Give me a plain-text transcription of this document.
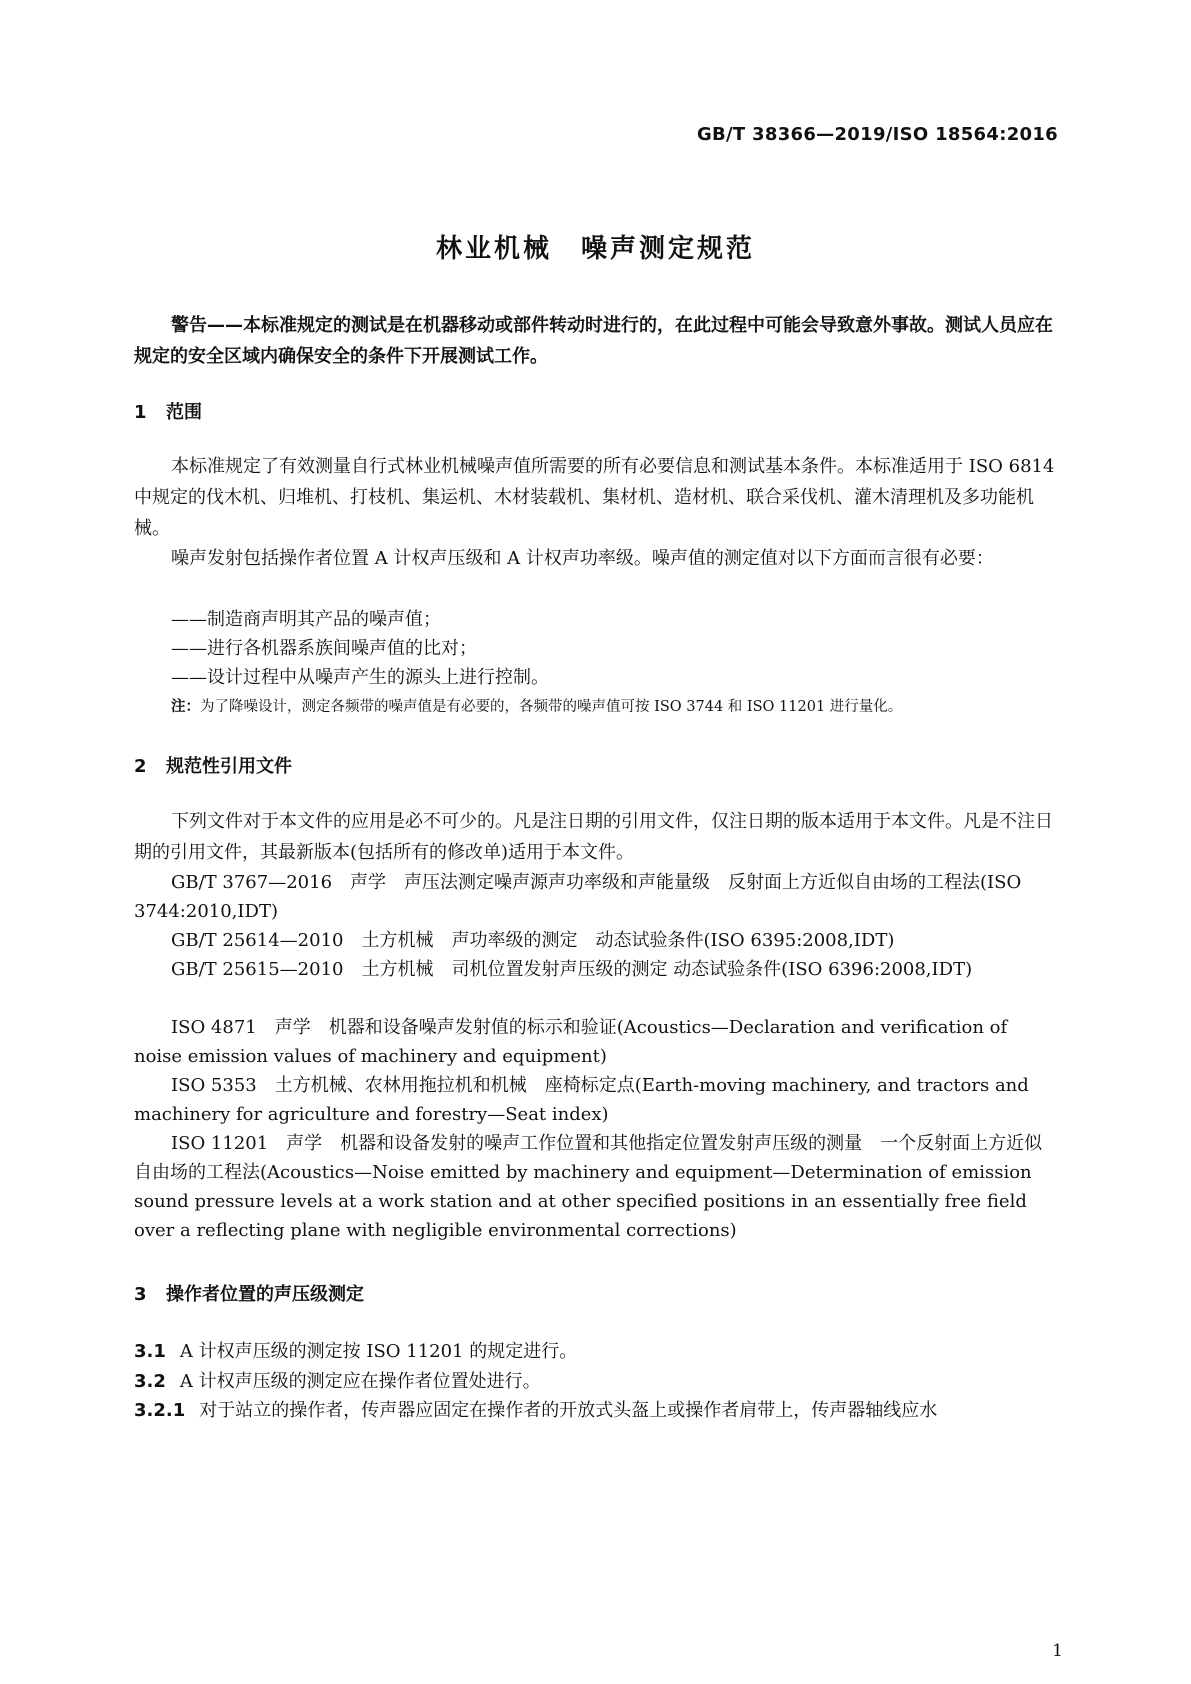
GB/T 38366—2019/ISO 18564:2016
林业机械　噪声测定规范
警告——本标准规定的测试是在机器移动或部件转动时进行的，在此过程中可能会导致意外事故。测试人员应在规定的安全区域内确保安全的条件下开展测试工作。
1 范围
本标准规定了有效测量自行式林业机械噪声值所需要的所有必要信息和测试基本条件。本标准适用于 ISO 6814 中规定的伐木机、归堆机、打枝机、集运机、木材装载机、集材机、造材机、联合采伐机、灌木清理机及多功能机械。
噪声发射包括操作者位置 A 计权声压级和 A 计权声功率级。噪声值的测定值对以下方面而言很有必要：
——制造商声明其产品的噪声值；
——进行各机器系族间噪声值的比对；
——设计过程中从噪声产生的源头上进行控制。
注：为了降噪设计，测定各频带的噪声值是有必要的，各频带的噪声值可按 ISO 3744 和 ISO 11201 进行量化。
2 规范性引用文件
下列文件对于本文件的应用是必不可少的。凡是注日期的引用文件，仅注日期的版本适用于本文件。凡是不注日期的引用文件，其最新版本(包括所有的修改单)适用于本文件。
GB/T 3767—2016　声学　声压法测定噪声源声功率级和声能量级　反射面上方近似自由场的工程法(ISO 3744:2010,IDT)
GB/T 25614—2010　土方机械　声功率级的测定　动态试验条件(ISO 6395:2008,IDT)
GB/T 25615—2010　土方机械　司机位置发射声压级的测定 动态试验条件(ISO 6396:2008,IDT)
ISO 4871　声学　机器和设备噪声发射值的标示和验证(Acoustics—Declaration and verification of noise emission values of machinery and equipment)
ISO 5353　土方机械、农林用拖拉机和机械　座椅标定点(Earth-moving machinery, and tractors and machinery for agriculture and forestry—Seat index)
ISO 11201　声学　机器和设备发射的噪声工作位置和其他指定位置发射声压级的测量　一个反射面上方近似自由场的工程法(Acoustics—Noise emitted by machinery and equipment—Determination of emission sound pressure levels at a work station and at other specified positions in an essentially free field over a reflecting plane with negligible environmental corrections)
3 操作者位置的声压级测定
3.1 A 计权声压级的测定按 ISO 11201 的规定进行。
3.2 A 计权声压级的测定应在操作者位置处进行。
3.2.1 对于站立的操作者，传声器应固定在操作者的开放式头盔上或操作者肩带上，传声器轴线应水
1
